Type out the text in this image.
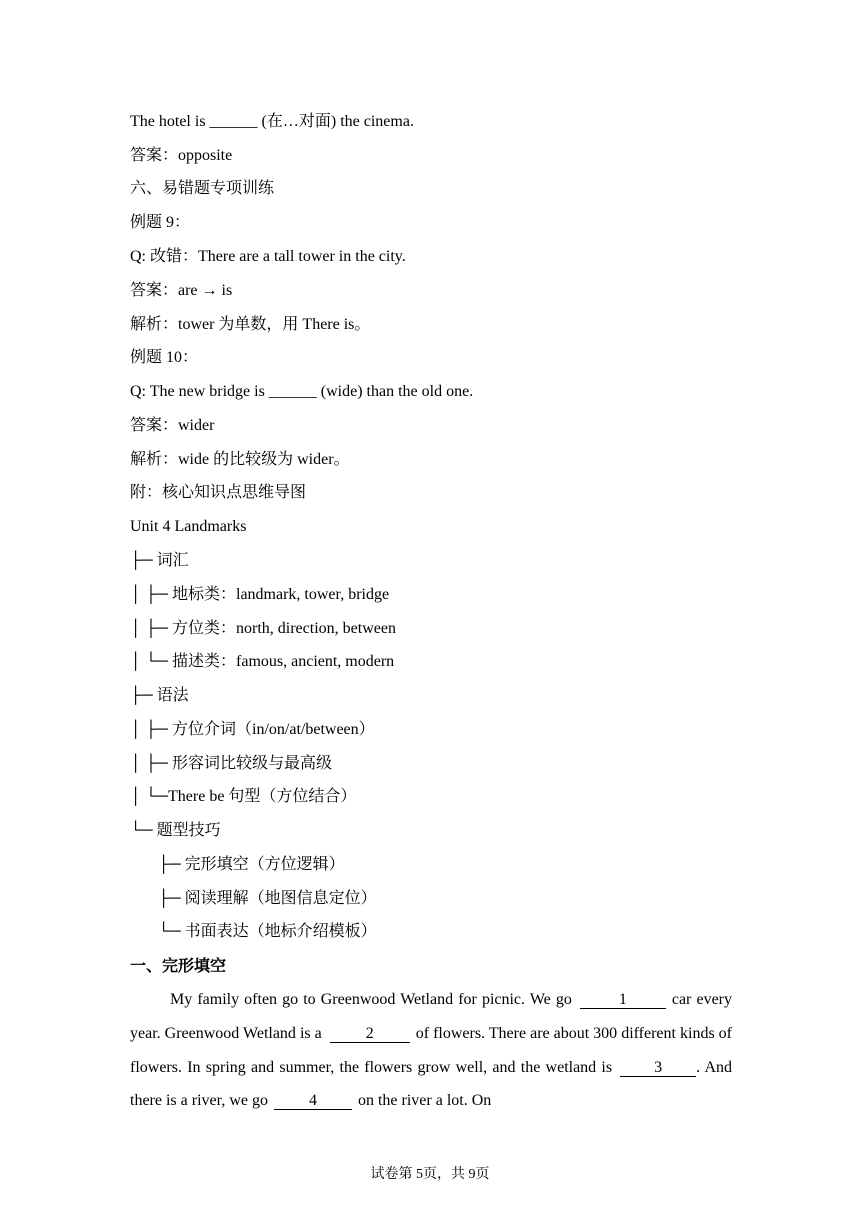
The hotel is ______ (在…对面) the cinema.
答案：opposite
六、易错题专项训练
例题 9：
Q: 改错：There are a tall tower in the city.
答案：are → is
解析：tower 为单数，用 There is。
例题 10：
Q: The new bridge is ______ (wide) than the old one.
答案：wider
解析：wide 的比较级为 wider。
附：核心知识点思维导图
Unit 4 Landmarks
├─ 词汇
│ ├─ 地标类：landmark, tower, bridge
│ ├─ 方位类：north, direction, between
│ └─ 描述类：famous, ancient, modern
├─ 语法
│ ├─ 方位介词（in/on/at/between）
│ ├─ 形容词比较级与最高级
│ └─There be 句型（方位结合）
└─ 题型技巧
├─ 完形填空（方位逻辑）
├─ 阅读理解（地图信息定位）
└─ 书面表达（地标介绍模板）
一、完形填空
My family often go to Greenwood Wetland for picnic. We go	1	car every year. Greenwood Wetland is a	2	of flowers. There are about 300 different kinds of flowers. In spring and summer, the flowers grow well, and the wetland is	3 . And there is a river, we go	4	on the river a lot. On
试卷第 5页，共 9页
